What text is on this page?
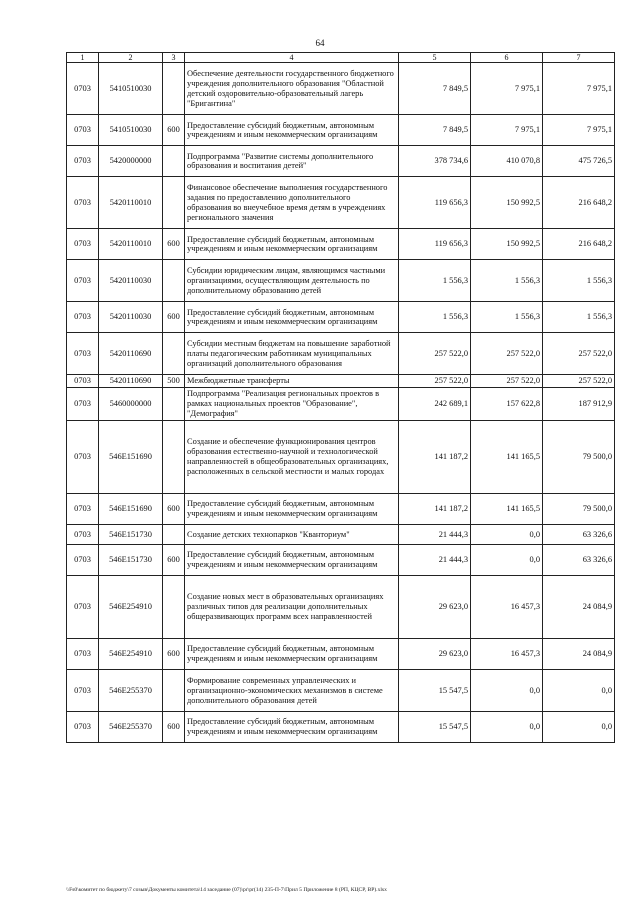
64
1	2	3	4	5	6	7
0703	5410510030		Обеспечение деятельности государственного бюджетного учреждения дополнительного образования "Областной детский оздоровительно-образовательный лагерь "Бригантина"	7 849,5	7 975,1	7 975,1
0703	5410510030	600	Предоставление субсидий бюджетным, автономным учреждениям и иным некоммерческим организациям	7 849,5	7 975,1	7 975,1
0703	5420000000		Подпрограмма "Развитие системы дополнительного образования и воспитания детей"	378 734,6	410 070,8	475 726,5
0703	5420110010		Финансовое обеспечение выполнения государственного задания по предоставлению дополнительного образования во внеучебное время детям в учреждениях регионального значения	119 656,3	150 992,5	216 648,2
0703	5420110010	600	Предоставление субсидий бюджетным, автономным учреждениям и иным некоммерческим организациям	119 656,3	150 992,5	216 648,2
0703	5420110030		Субсидии юридическим лицам, являющимся частными организациями, осуществляющим деятельность по дополнительному образованию детей	1 556,3	1 556,3	1 556,3
0703	5420110030	600	Предоставление субсидий бюджетным, автономным учреждениям и иным некоммерческим организациям	1 556,3	1 556,3	1 556,3
0703	5420110690		Субсидии местным бюджетам на повышение заработной платы педагогическим работникам муниципальных организаций дополнительного образования	257 522,0	257 522,0	257 522,0
0703	5420110690	500	Межбюджетные трансферты	257 522,0	257 522,0	257 522,0
0703	5460000000		Подпрограмма "Реализация региональных проектов в рамках национальных проектов "Образование", "Демография"	242 689,1	157 622,8	187 912,9
0703	546E151690		Создание и обеспечение функционирования центров образования естественно-научной и технологической направленностей в общеобразовательных организациях, расположенных в сельской местности и малых городах	141 187,2	141 165,5	79 500,0
0703	546E151690	600	Предоставление субсидий бюджетным, автономным учреждениям и иным некоммерческим организациям	141 187,2	141 165,5	79 500,0
0703	546E151730		Создание детских технопарков "Кванториум"	21 444,3	0,0	63 326,6
0703	546E151730	600	Предоставление субсидий бюджетным, автономным учреждениям и иным некоммерческим организациям	21 444,3	0,0	63 326,6
0703	546E254910		Создание новых мест в образовательных организациях различных типов для реализации дополнительных общеразвивающих программ всех направленностей	29 623,0	16 457,3	24 084,9
0703	546E254910	600	Предоставление субсидий бюджетным, автономным учреждениям и иным некоммерческим организациям	29 623,0	16 457,3	24 084,9
0703	546E255370		Формирование современных управленческих и организационно-экономических механизмов в системе дополнительного образования детей	15 547,5	0,0	0,0
0703	546E255370	600	Предоставление субсидий бюджетным, автономным учреждениям и иным некоммерческим организациям	15 547,5	0,0	0,0
\\Fs0\комитет по бюджету\7 созыв\Документы комитета\14 заседание (07)\pr\pr(14) 235-П-7\Прил 5 Приложение 8 (РП, КЦСР, ВР).xlsx
